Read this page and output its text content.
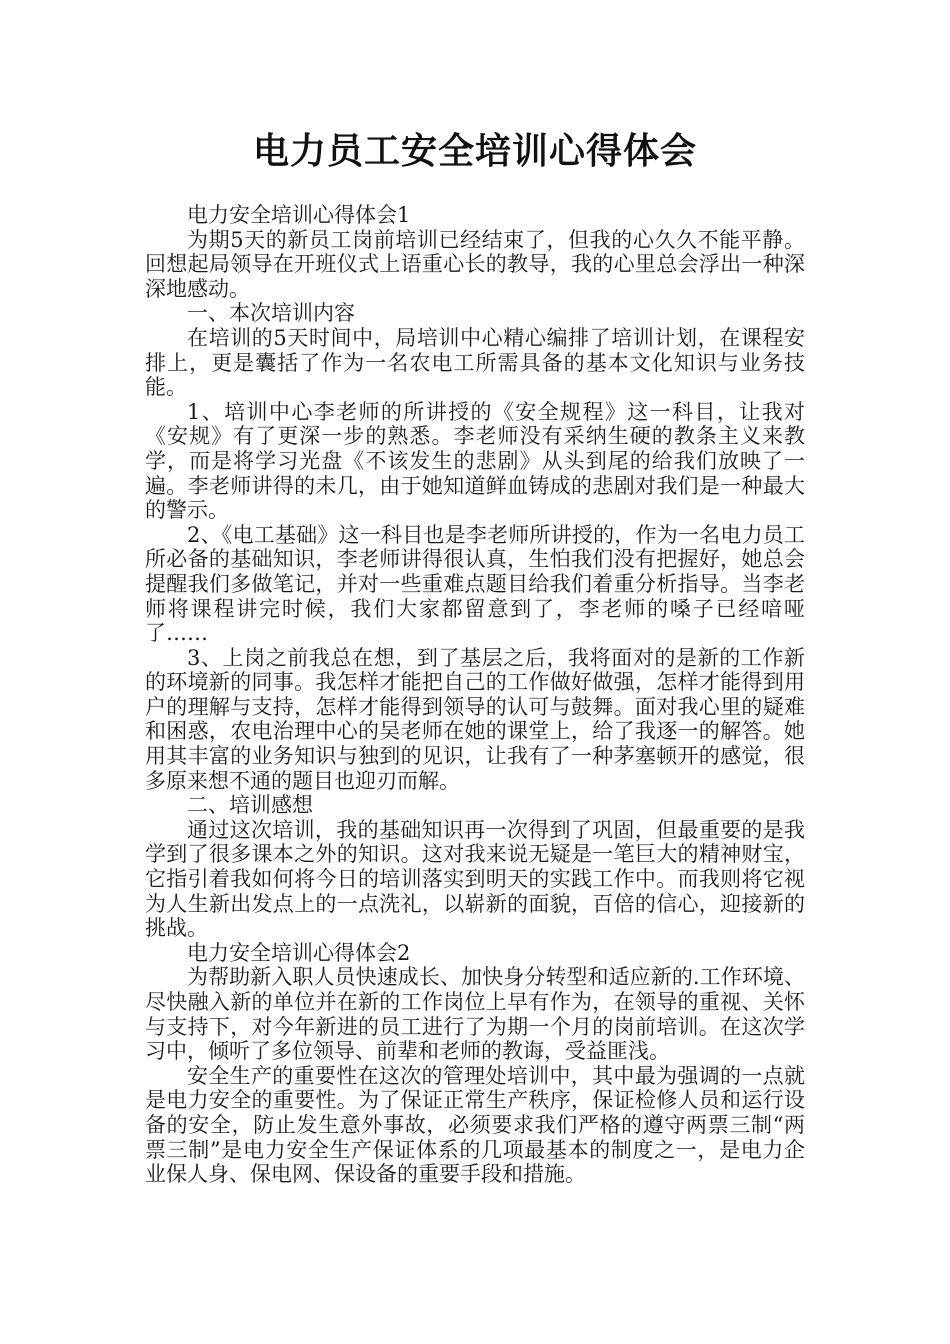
电力员工安全培训心得体会

电力安全培训心得体会1

为期5天的新员工岗前培训已经结束了，但我的心久久不能平静。回想起局领导在开班仪式上语重心长的教导，我的心里总会浮出一种深深地感动。

一、本次培训内容

在培训的5天时间中，局培训中心精心编排了培训计划，在课程安排上，更是囊括了作为一名农电工所需具备的基本文化知识与业务技能。

1、培训中心李老师的所讲授的《安全规程》这一科目，让我对《安规》有了更深一步的熟悉。李老师没有采纳生硬的教条主义来教学，而是将学习光盘《不该发生的悲剧》从头到尾的给我们放映了一遍。李老师讲得的未几，由于她知道鲜血铸成的悲剧对我们是一种最大的警示。

2、《电工基础》这一科目也是李老师所讲授的，作为一名电力员工所必备的基础知识，李老师讲得很认真，生怕我们没有把握好，她总会提醒我们多做笔记，并对一些重难点题目给我们着重分析指导。当李老师将课程讲完时候，我们大家都留意到了，李老师的嗓子已经喑哑了……

3、上岗之前我总在想，到了基层之后，我将面对的是新的工作新的环境新的同事。我怎样才能把自己的工作做好做强，怎样才能得到用户的理解与支持，怎样才能得到领导的认可与鼓舞。面对我心里的疑难和困惑，农电治理中心的吴老师在她的课堂上，给了我逐一的解答。她用其丰富的业务知识与独到的见识，让我有了一种茅塞顿开的感觉，很多原来想不通的题目也迎刃而解。

二、培训感想

通过这次培训，我的基础知识再一次得到了巩固，但最重要的是我学到了很多课本之外的知识。这对我来说无疑是一笔巨大的精神财宝，它指引着我如何将今日的培训落实到明天的实践工作中。而我则将它视为人生新出发点上的一点洗礼，以崭新的面貌，百倍的信心，迎接新的挑战。

电力安全培训心得体会2

为帮助新入职人员快速成长、加快身分转型和适应新的.工作环境、尽快融入新的单位并在新的工作岗位上早有作为，在领导的重视、关怀与支持下，对今年新进的员工进行了为期一个月的岗前培训。在这次学习中，倾听了多位领导、前辈和老师的教诲，受益匪浅。

安全生产的重要性在这次的管理处培训中，其中最为强调的一点就是电力安全的重要性。为了保证正常生产秩序，保证检修人员和运行设备的安全，防止发生意外事故，必须要求我们严格的遵守两票三制“两票三制”是电力安全生产保证体系的几项最基本的制度之一，是电力企业保人身、保电网、保设备的重要手段和措施。
